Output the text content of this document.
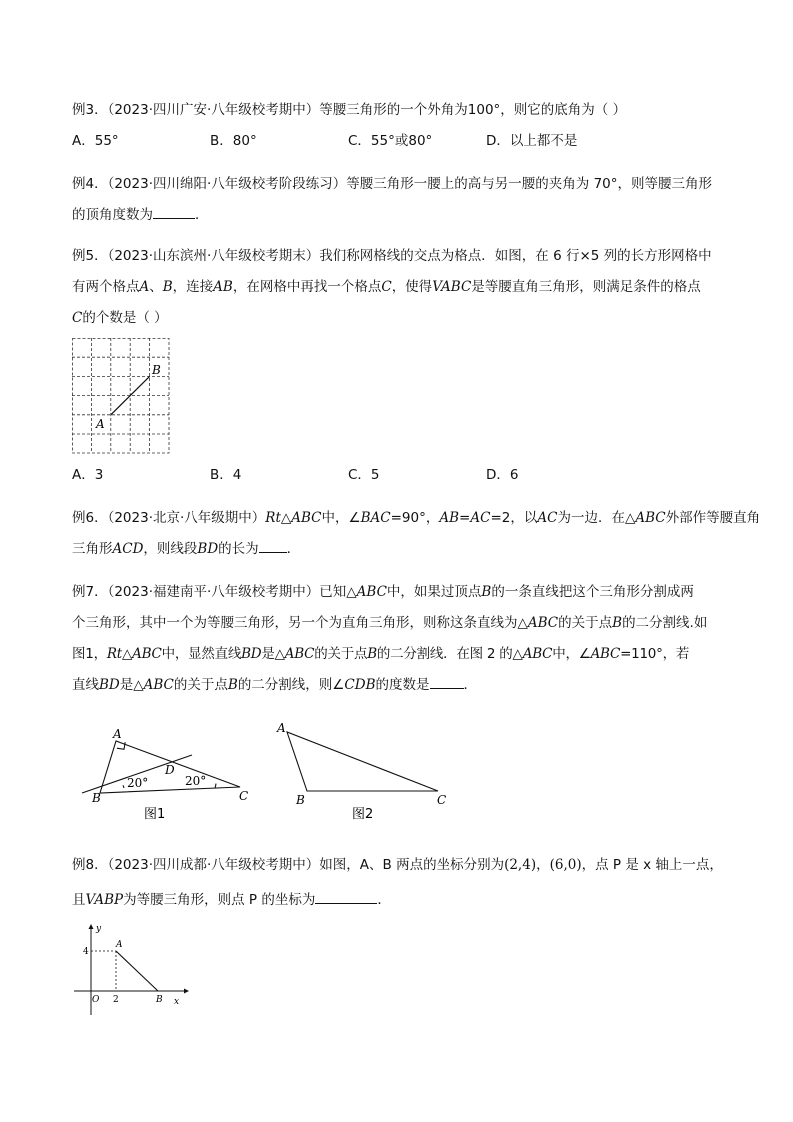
例3．（2023·四川广安·八年级校考期中）等腰三角形的一个外角为100°，则它的底角为（ ）
A．55°	B．80°	C．55°或80°	D．以上都不是
例4．（2023·四川绵阳·八年级校考阶段练习）等腰三角形一腰上的高与另一腰的夹角为 70°，则等腰三角形
的顶角度数为	．
例5．（2023·山东滨州·八年级校考期末）我们称网格线的交点为格点．如图，在 6 行×5 列的长方形网格中
有两个格点A、B，连接AB，在网格中再找一个格点C，使得VABC是等腰直角三角形，则满足条件的格点
C的个数是（ ）
A
B
A．3	B．4	C．5	D．6
例6．（2023·北京·八年级期中）Rt△ABC中，∠BAC=90°，AB=AC=2，以AC为一边．在△ABC外部作等腰直角
三角形ACD，则线段BD的长为 ．
例7．（2023·福建南平·八年级校考期中）已知△ABC中，如果过顶点B的一条直线把这个三角形分割成两
个三角形，其中一个为等腰三角形，另一个为直角三角形，则称这条直线为△ABC的关于点B的二分割线.如
图1，Rt△ABC中，显然直线BD是△ABC的关于点B的二分割线．在图 2 的△ABC中，∠ABC=110°，若
直线BD是△ABC的关于点B的二分割线，则∠CDB的度数是	．
A
B	C
D
20°	20°
图1
A
B	C
图2
例8．（2023·四川成都·八年级校考期中）如图，A、B 两点的坐标分别为(2,4)，(6,0)，点 P 是 x 轴上一点，
且VABP为等腰三角形，则点 P 的坐标为	．
y
x
4
2
O
A
B
